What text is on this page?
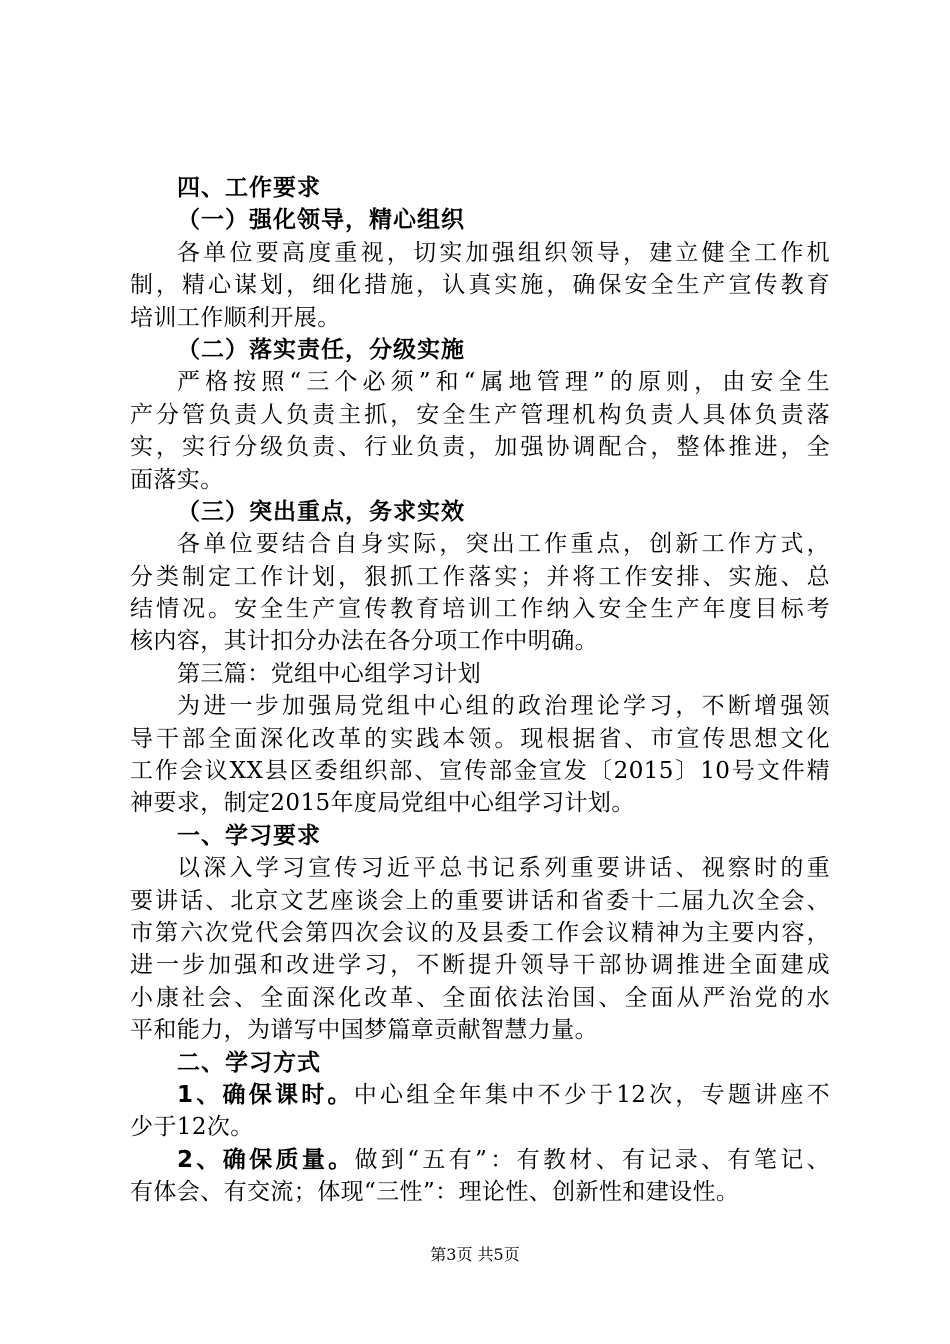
四、工作要求
（一）强化领导，精心组织
各单位要高度重视，切实加强组织领导，建立健全工作机
制，精心谋划，细化措施，认真实施，确保安全生产宣传教育
培训工作顺利开展。
（二）落实责任，分级实施
严格按照“三个必须”和“属地管理”的原则，由安全生
产分管负责人负责主抓，安全生产管理机构负责人具体负责落
实，实行分级负责、行业负责，加强协调配合，整体推进，全
面落实。
（三）突出重点，务求实效
各单位要结合自身实际，突出工作重点，创新工作方式，
分类制定工作计划，狠抓工作落实；并将工作安排、实施、总
结情况。安全生产宣传教育培训工作纳入安全生产年度目标考
核内容，其计扣分办法在各分项工作中明确。
第三篇：党组中心组学习计划
为进一步加强局党组中心组的政治理论学习，不断增强领
导干部全面深化改革的实践本领。现根据省、市宣传思想文化
工作会议XX县区委组织部、宣传部金宣发〔2015〕10号文件精
神要求，制定2015年度局党组中心组学习计划。
一、学习要求
以深入学习宣传习近平总书记系列重要讲话、视察时的重
要讲话、北京文艺座谈会上的重要讲话和省委十二届九次全会、
市第六次党代会第四次会议的及县委工作会议精神为主要内容，
进一步加强和改进学习，不断提升领导干部协调推进全面建成
小康社会、全面深化改革、全面依法治国、全面从严治党的水
平和能力，为谱写中国梦篇章贡献智慧力量。
二、学习方式
1、确保课时。中心组全年集中不少于12次，专题讲座不
少于12次。
2、确保质量。做到“五有”：有教材、有记录、有笔记、
有体会、有交流；体现“三性”：理论性、创新性和建设性。
第3页 共5页
